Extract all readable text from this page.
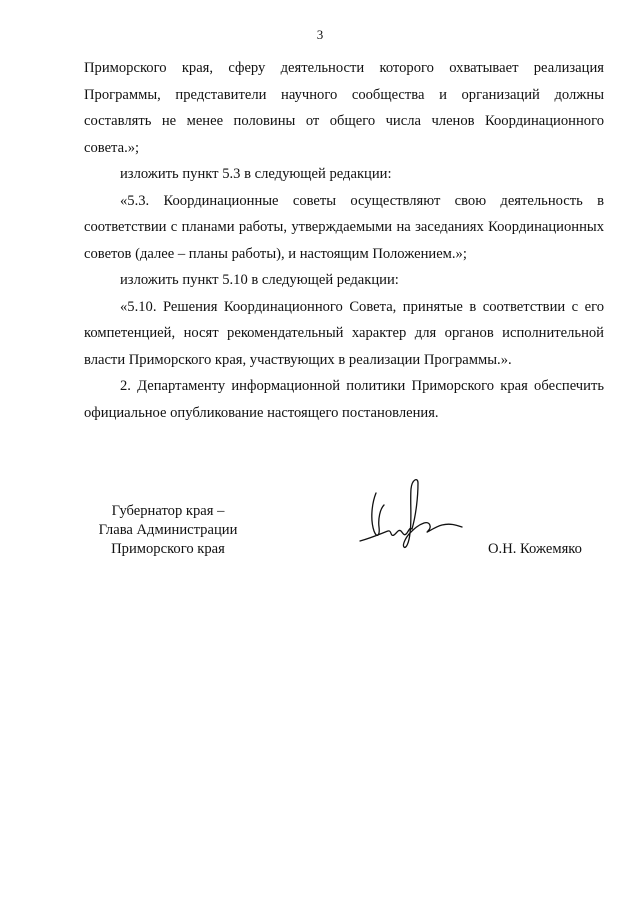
3

Приморского края, сферу деятельности которого охватывает реализация Программы, представители научного сообщества и организаций должны составлять не менее половины от общего числа членов Координационного совета.»;

изложить пункт 5.3 в следующей редакции:

«5.3. Координационные советы осуществляют свою деятельность в соответствии с планами работы, утверждаемыми на заседаниях Координационных советов (далее – планы работы), и настоящим Положением.»;

изложить пункт 5.10 в следующей редакции:

«5.10. Решения Координационного Совета, принятые в соответствии с его компетенцией, носят рекомендательный характер для органов исполнительной власти Приморского края, участвующих в реализации Программы.».

2. Департаменту информационной политики Приморского края обеспечить официальное опубликование настоящего постановления.

Губернатор края –
Глава Администрации
Приморского края	О.Н. Кожемяко
